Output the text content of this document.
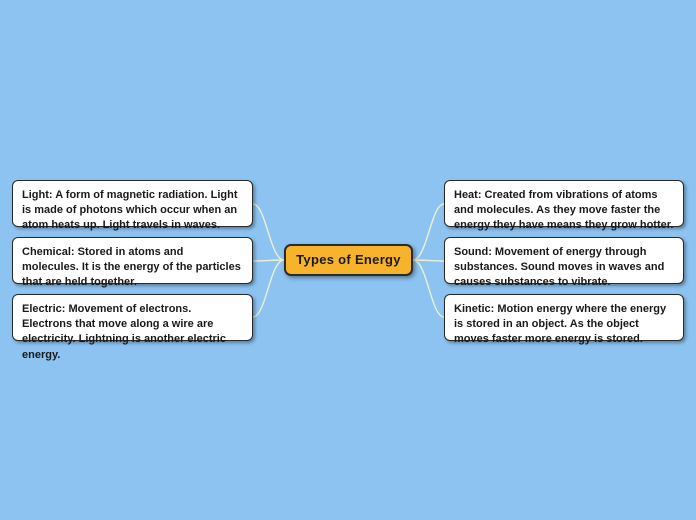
Light: A form of magnetic radiation. Light is made of photons which occur when an atom heats up. Light travels in waves.
Chemical: Stored in atoms and molecules. It is the energy of the particles that are held together.
Electric: Movement of electrons. Electrons that move along a wire are electricity. Lightning is another electric energy.
Types of Energy
Heat: Created from vibrations of atoms and molecules. As they move faster the energy they have means they grow hotter.
Sound: Movement of energy through substances. Sound moves in waves and causes substances to vibrate.
Kinetic: Motion energy where the energy is stored in an object. As the object moves faster more energy is stored.
